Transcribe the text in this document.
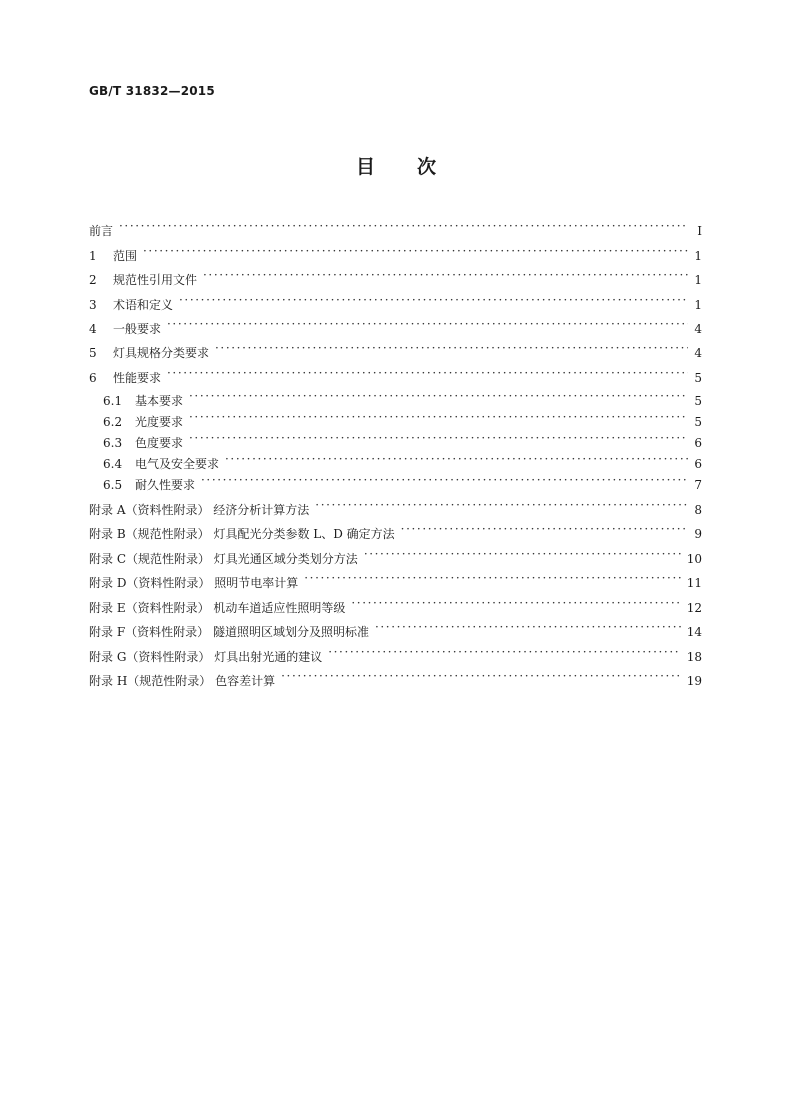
GB/T 31832—2015
目 次
前言 ·····	Ⅰ
1	范围 ·····	1
2	规范性引用文件 ·····	1
3	术语和定义 ·····	1
4	一般要求 ·····	4
5	灯具规格分类要求 ·····	4
6	性能要求 ·····	5
6.1	基本要求 ·····	5
6.2	光度要求 ·····	5
6.3	色度要求 ·····	6
6.4	电气及安全要求 ·····	6
6.5	耐久性要求 ·····	7
附录 A（资料性附录） 经济分析计算方法 ·····	8
附录 B（规范性附录） 灯具配光分类参数 L、D 确定方法 ·····	9
附录 C（规范性附录） 灯具光通区域分类划分方法 ·····	10
附录 D（资料性附录） 照明节电率计算 ·····	11
附录 E（资料性附录） 机动车道适应性照明等级 ·····	12
附录 F（资料性附录） 隧道照明区域划分及照明标准 ·····	14
附录 G（资料性附录） 灯具出射光通的建议 ·····	18
附录 H（规范性附录） 色容差计算 ·····	19
